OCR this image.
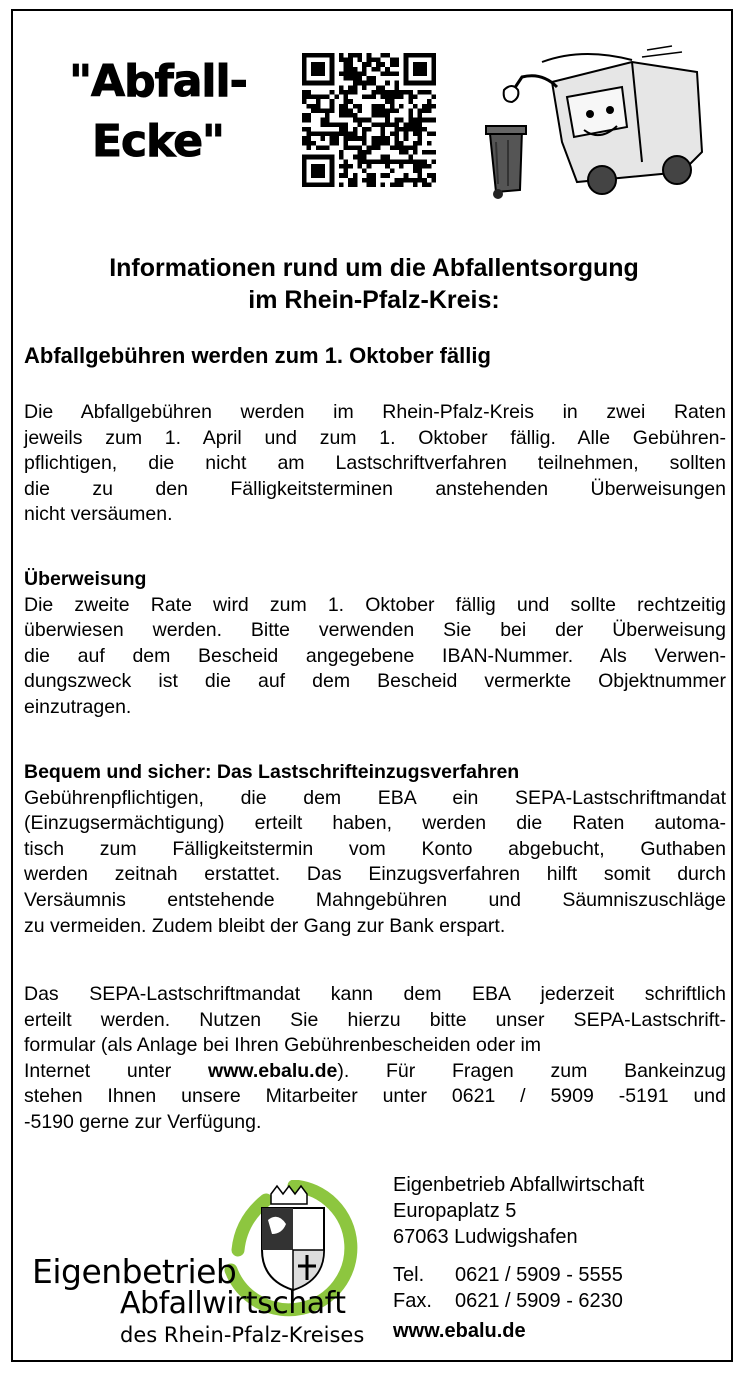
"Abfall-
Ecke"
Informationen rund um die Abfallentsorgung
im Rhein-Pfalz-Kreis:
Abfallgebühren werden zum 1. Oktober fällig
Die Abfallgebühren werden im Rhein-Pfalz-Kreis in zwei Raten
jeweils zum 1. April und zum 1. Oktober fällig. Alle Gebühren-
pflichtigen, die nicht am Lastschriftverfahren teilnehmen, sollten
die zu den Fälligkeitsterminen anstehenden Überweisungen
nicht versäumen.
Überweisung
Die zweite Rate wird zum 1. Oktober fällig und sollte rechtzeitig
überwiesen werden. Bitte verwenden Sie bei der Überweisung
die auf dem Bescheid angegebene IBAN-Nummer. Als Verwen-
dungszweck ist die auf dem Bescheid vermerkte Objektnummer
einzutragen.
Bequem und sicher: Das Lastschrifteinzugsverfahren
Gebührenpflichtigen, die dem EBA ein SEPA-Lastschriftmandat
(Einzugsermächtigung) erteilt haben, werden die Raten automa-
tisch zum Fälligkeitstermin vom Konto abgebucht, Guthaben
werden zeitnah erstattet. Das Einzugsverfahren hilft somit durch
Versäumnis entstehende Mahngebühren und Säumniszuschläge
zu vermeiden. Zudem bleibt der Gang zur Bank erspart.
Das SEPA-Lastschriftmandat kann dem EBA jederzeit schriftlich
erteilt werden. Nutzen Sie hierzu bitte unser SEPA-Lastschrift-
formular (als Anlage bei Ihren Gebührenbescheiden oder im
Internet unter www.ebalu.de). Für Fragen zum Bankeinzug
stehen Ihnen unsere Mitarbeiter unter 0621 / 5909 -5191 und
-5190 gerne zur Verfügung.
Eigenbetrieb
Abfallwirtschaft
des Rhein-Pfalz-Kreises
Eigenbetrieb Abfallwirtschaft
Europaplatz 5
67063 Ludwigshafen
Tel. 0621 / 5909 - 5555
Fax. 0621 / 5909 - 6230
www.ebalu.de
